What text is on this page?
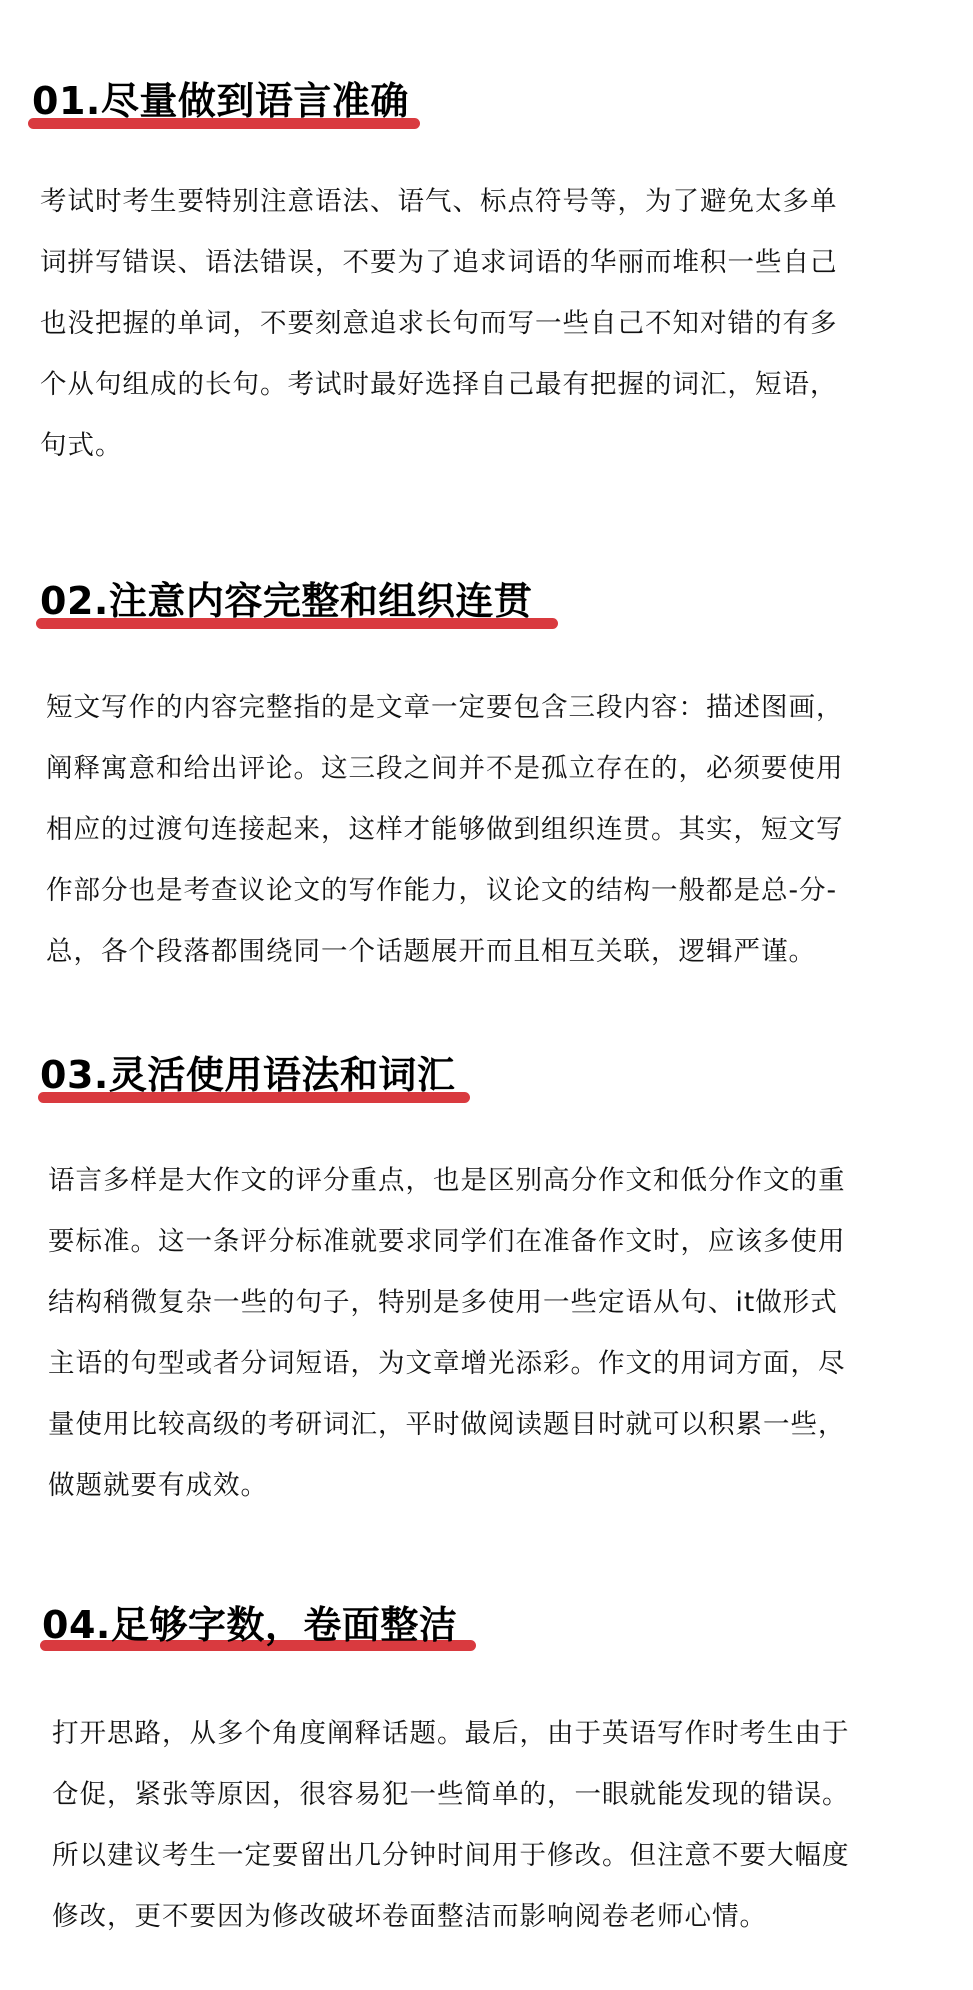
01.尽量做到语言准确
考试时考生要特别注意语法、语气、标点符号等，为了避免太多单
词拼写错误、语法错误，不要为了追求词语的华丽而堆积一些自己
也没把握的单词，不要刻意追求长句而写一些自己不知对错的有多
个从句组成的长句。考试时最好选择自己最有把握的词汇，短语，
句式。
02.注意内容完整和组织连贯
短文写作的内容完整指的是文章一定要包含三段内容：描述图画，
阐释寓意和给出评论。这三段之间并不是孤立存在的，必须要使用
相应的过渡句连接起来，这样才能够做到组织连贯。其实，短文写
作部分也是考查议论文的写作能力，议论文的结构一般都是总-分-
总，各个段落都围绕同一个话题展开而且相互关联，逻辑严谨。
03.灵活使用语法和词汇
语言多样是大作文的评分重点，也是区别高分作文和低分作文的重
要标准。这一条评分标准就要求同学们在准备作文时，应该多使用
结构稍微复杂一些的句子，特别是多使用一些定语从句、it做形式
主语的句型或者分词短语，为文章增光添彩。作文的用词方面，尽
量使用比较高级的考研词汇，平时做阅读题目时就可以积累一些，
做题就要有成效。
04.足够字数，卷面整洁
打开思路，从多个角度阐释话题。最后，由于英语写作时考生由于
仓促，紧张等原因，很容易犯一些简单的，一眼就能发现的错误。
所以建议考生一定要留出几分钟时间用于修改。但注意不要大幅度
修改，更不要因为修改破坏卷面整洁而影响阅卷老师心情。
